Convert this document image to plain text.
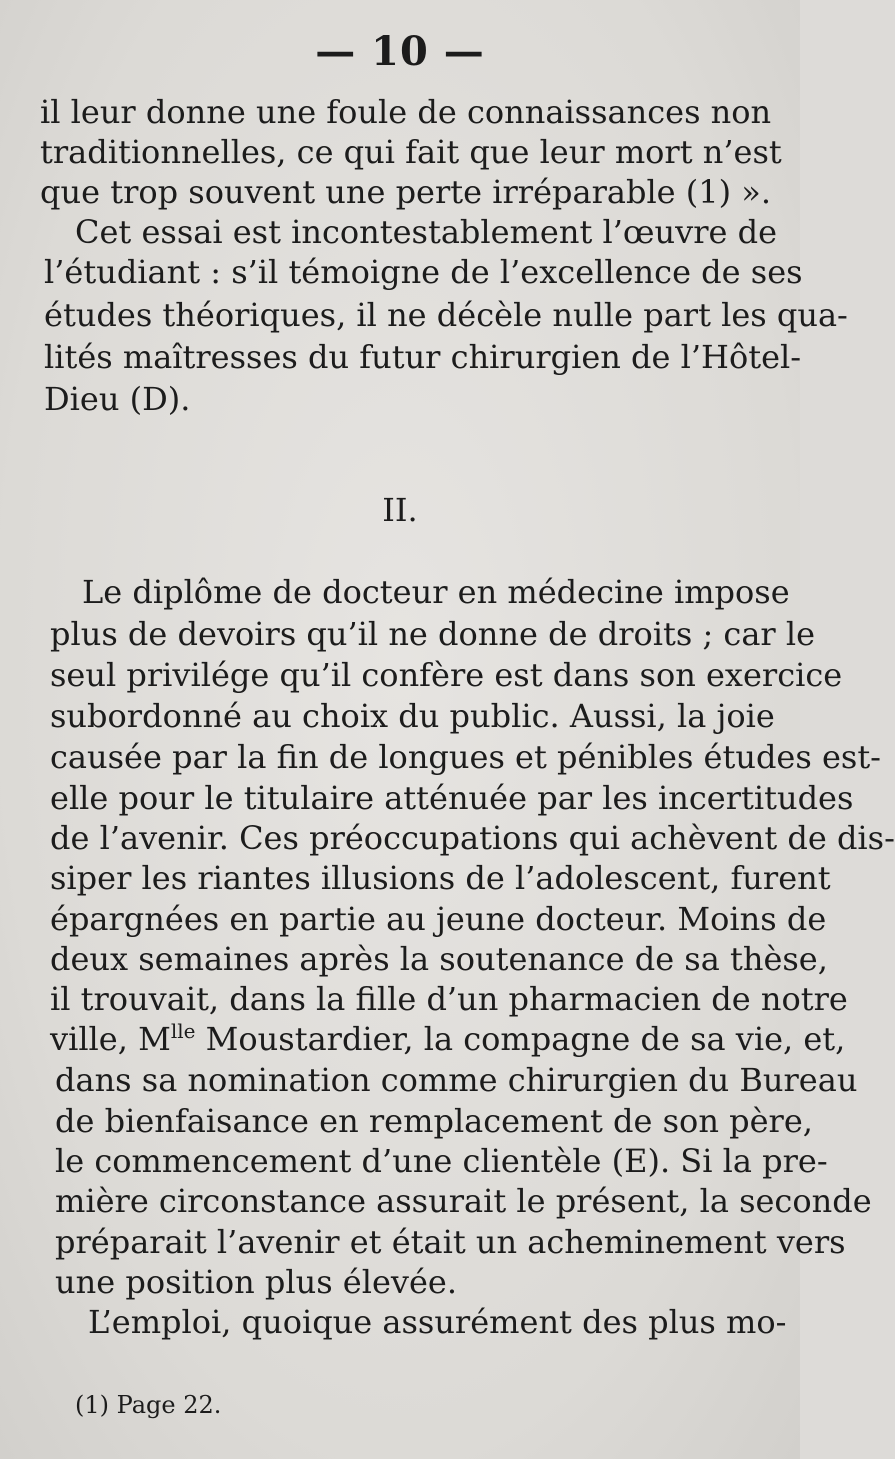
— 10 —
il leur donne une foule de connaissances non
traditionnelles, ce qui fait que leur mort n’est
que trop souvent une perte irréparable (1) ».
Cet essai est incontestablement l’œuvre de
l’étudiant : s’il témoigne de l’excellence de ses
études théoriques, il ne décèle nulle part les qua-
lités maîtresses du futur chirurgien de l’Hôtel-
Dieu (D).
II.
Le diplôme de docteur en médecine impose
plus de devoirs qu’il ne donne de droits ; car le
seul privilége qu’il confère est dans son exercice
subordonné au choix du public. Aussi, la joie
causée par la fin de longues et pénibles études est-
elle pour le titulaire atténuée par les incertitudes
de l’avenir. Ces préoccupations qui achèvent de dis-
siper les riantes illusions de l’adolescent, furent
épargnées en partie au jeune docteur. Moins de
deux semaines après la soutenance de sa thèse,
il trouvait, dans la fille d’un pharmacien de notre
ville, $M^{lle}$ Moustardier, la compagne de sa vie, et,
dans sa nomination comme chirurgien du Bureau
de bienfaisance en remplacement de son père,
le commencement d’une clientèle (E). Si la pre-
mière circonstance assurait le présent, la seconde
préparait l’avenir et était un acheminement vers
une position plus élevée.
L’emploi, quoique assurément des plus mo-
(1) Page 22.
